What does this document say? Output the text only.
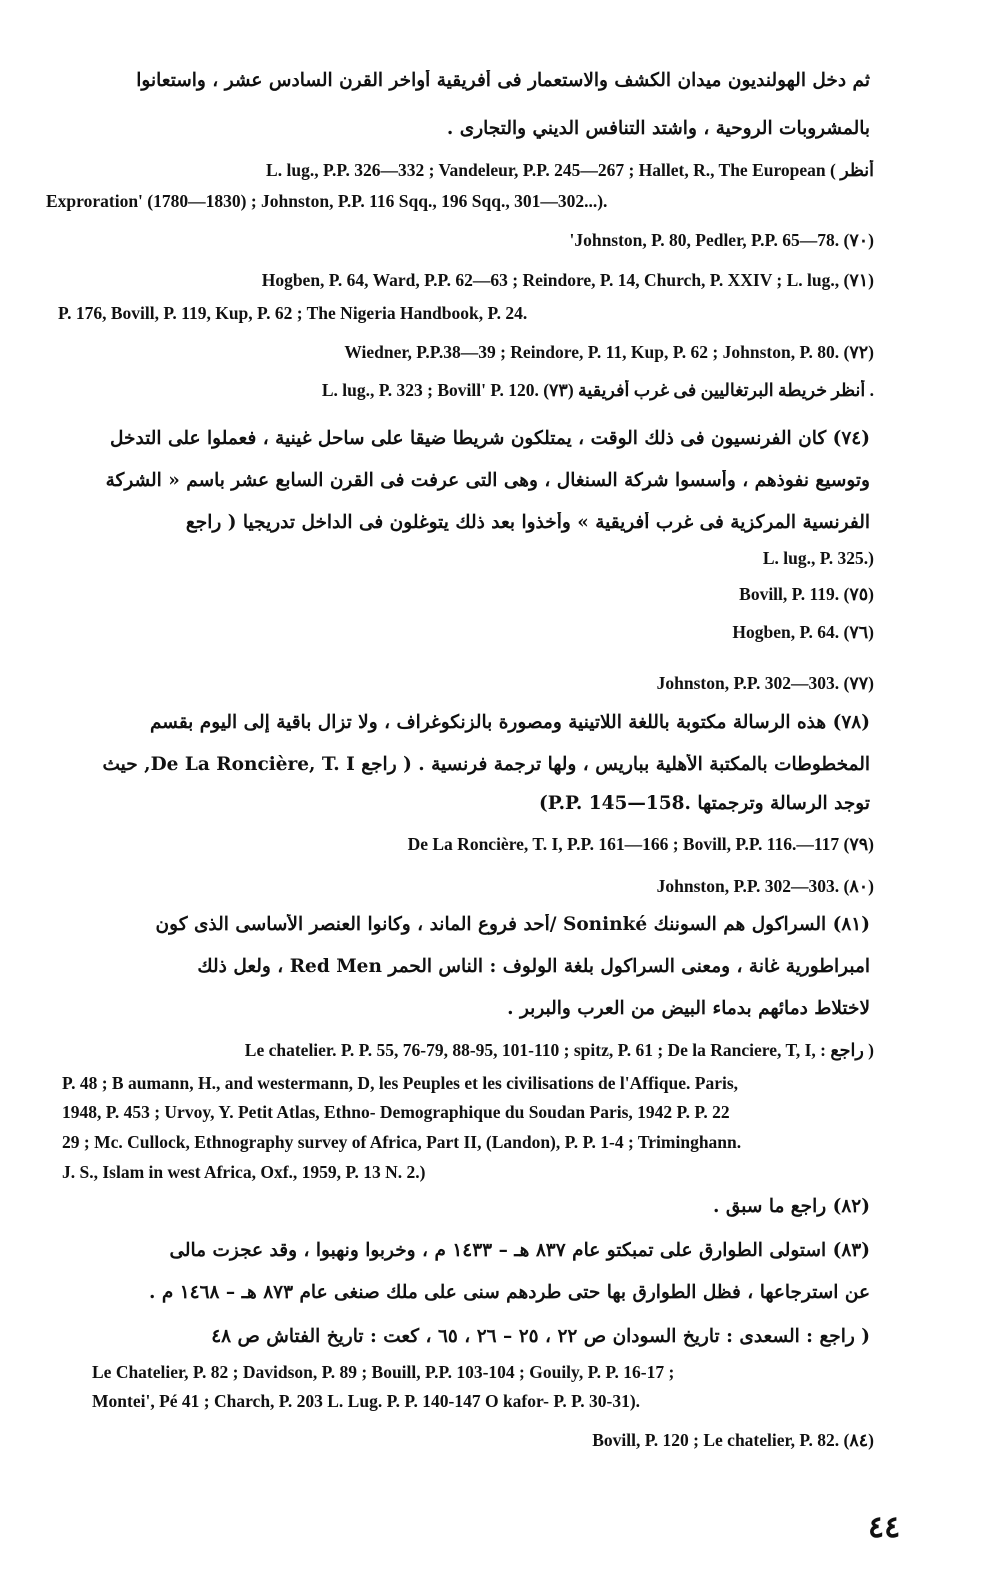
ثم دخل الهولنديون ميدان الكشف والاستعمار فى أفريقية أواخر القرن السادس عشر ، واستعانوا
بالمشروبات الروحية ، واشتد التنافس الديني والتجارى .
L. lug., P.P. 326—332 ; Vandeleur, P.P. 245—267 ; Hallet, R., The European ( أنظر
Exproration' (1780—1830) ; Johnston, P.P. 116 Sqq., 196 Sqq., 301—302...).
'Johnston, P. 80, Pedler, P.P. 65—78. (٧٠)
Hogben, P. 64, Ward, P.P. 62—63 ; Reindore, P. 14, Church, P. XXIV ; L. lug., (٧١)
P. 176, Bovill, P. 119, Kup, P. 62 ; The Nigeria Handbook, P. 24.
Wiedner, P.P.38—39 ; Reindore, P. 11, Kup, P. 62 ; Johnston, P. 80. (٧٢)
L. lug., P. 323 ; Bovill' P. 120. (٧٣) أنظر خريطة البرتغاليين فى غرب أفريقية .
(٧٤) كان الفرنسيون فى ذلك الوقت ، يمتلكون شريطا ضيقا على ساحل غينية ، فعملوا على التدخل
وتوسيع نفوذهم ، وأسسوا شركة السنغال ، وهى التى عرفت فى القرن السابع عشر باسم « الشركة
الفرنسية المركزية فى غرب أفريقية » وأخذوا بعد ذلك يتوغلون فى الداخل تدريجيا ( راجع
L. lug., P. 325.)
Bovill, P. 119. (٧٥)
Hogben, P. 64. (٧٦)
Johnston, P.P. 302—303. (٧٧)
(٧٨) هذه الرسالة مكتوبة باللغة اللاتينية ومصورة بالزنكوغراف ، ولا تزال باقية إلى اليوم بقسم
المخطوطات بالمكتبة الأهلية بباريس ، ولها ترجمة فرنسية . ( راجع De La Roncière, T. I, حيث
توجد الرسالة وترجمتها .P.P. 145—158)
De La Roncière, T. I, P.P. 161—166 ; Bovill, P.P. 116.—117 (٧٩)
Johnston, P.P. 302—303. (٨٠)
(٨١) السراكول هم السوننك Soninké /أحد فروع الماند ، وكانوا العنصر الأساسى الذى كون
امبراطورية غانة ، ومعنى السراكول بلغة الولوف : الناس الحمر Red Men ، ولعل ذلك
لاختلاط دمائهم بدماء البيض من العرب والبربر .
Le chatelier. P. P. 55, 76-79, 88-95, 101-110 ; spitz, P. 61 ; De la Ranciere, T, I, : راجع )
P. 48 ; B aumann, H., and westermann, D, les Peuples et les civilisations de l'Affique. Paris,
1948, P. 453 ; Urvoy, Y. Petit Atlas, Ethno- Demographique du Soudan Paris, 1942 P. P. 22
29 ; Mc. Cullock, Ethnography survey of Africa, Part II, (Landon), P. P. 1-4 ; Triminghann.
J. S., Islam in west Africa, Oxf., 1959, P. 13 N. 2.)
(٨٢) راجع ما سبق .
(٨٣) استولى الطوارق على تمبكتو عام ٨٣٧ هـ – ١٤٣٣ م ، وخربوا ونهبوا ، وقد عجزت مالى
عن استرجاعها ، فظل الطوارق بها حتى طردهم سنى على ملك صنغى عام ٨٧٣ هـ – ١٤٦٨ م .
( راجع : السعدى : تاريخ السودان ص ٢٢ ، ٢٥ – ٢٦ ، ٦٥ ، كعت : تاريخ الفتاش ص ٤٨
Le Chatelier, P. 82 ; Davidson, P. 89 ; Bouill, P.P. 103-104 ; Gouily, P. P. 16-17 ;
Montei', Pé 41 ; Charch, P. 203 L. Lug. P. P. 140-147 O kafor- P. P. 30-31).
Bovill, P. 120 ; Le chatelier, P. 82. (٨٤)
٤٤
